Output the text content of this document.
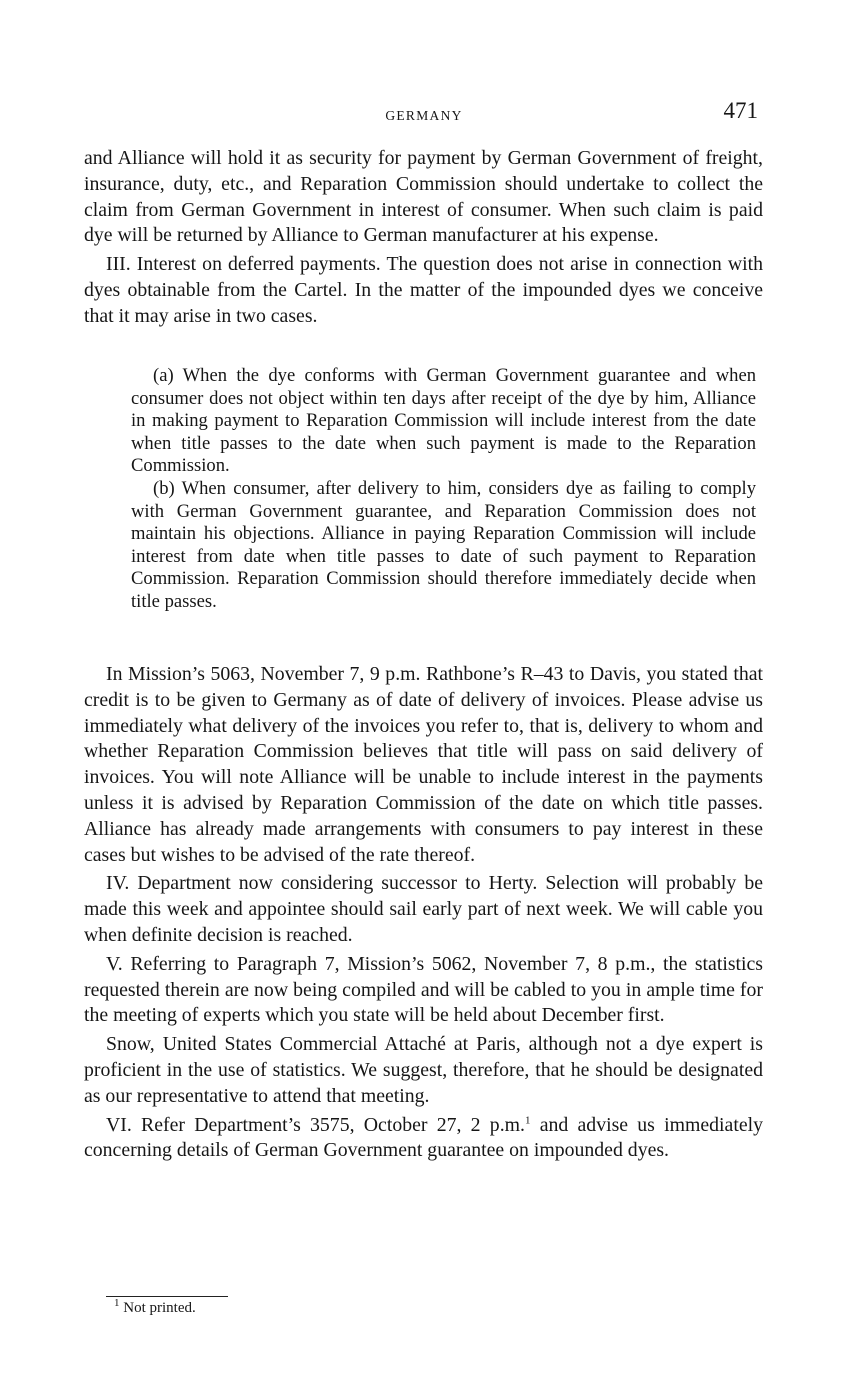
GERMANY	471

and Alliance will hold it as security for payment by German Government of freight, insurance, duty, etc., and Reparation Commission should undertake to collect the claim from German Government in interest of consumer. When such claim is paid dye will be returned by Alliance to German manufacturer at his expense.

III. Interest on deferred payments. The question does not arise in connection with dyes obtainable from the Cartel. In the matter of the impounded dyes we conceive that it may arise in two cases.

(a) When the dye conforms with German Government guarantee and when consumer does not object within ten days after receipt of the dye by him, Alliance in making payment to Reparation Commission will include interest from the date when title passes to the date when such payment is made to the Reparation Commission.

(b) When consumer, after delivery to him, considers dye as failing to comply with German Government guarantee, and Reparation Commission does not maintain his objections. Alliance in paying Reparation Commission will include interest from date when title passes to date of such payment to Reparation Commission. Reparation Commission should therefore immediately decide when title passes.

In Mission’s 5063, November 7, 9 p.m. Rathbone’s R–43 to Davis, you stated that credit is to be given to Germany as of date of delivery of invoices. Please advise us immediately what delivery of the invoices you refer to, that is, delivery to whom and whether Reparation Commission believes that title will pass on said delivery of invoices. You will note Alliance will be unable to include interest in the payments unless it is advised by Reparation Commission of the date on which title passes. Alliance has already made arrangements with consumers to pay interest in these cases but wishes to be advised of the rate thereof.

IV. Department now considering successor to Herty. Selection will probably be made this week and appointee should sail early part of next week. We will cable you when definite decision is reached.

V. Referring to Paragraph 7, Mission’s 5062, November 7, 8 p.m., the statistics requested therein are now being compiled and will be cabled to you in ample time for the meeting of experts which you state will be held about December first.

Snow, United States Commercial Attaché at Paris, although not a dye expert is proficient in the use of statistics. We suggest, therefore, that he should be designated as our representative to attend that meeting.

VI. Refer Department’s 3575, October 27, 2 p.m.$^1$ and advise us immediately concerning details of German Government guarantee on impounded dyes.

$^1$ Not printed.
